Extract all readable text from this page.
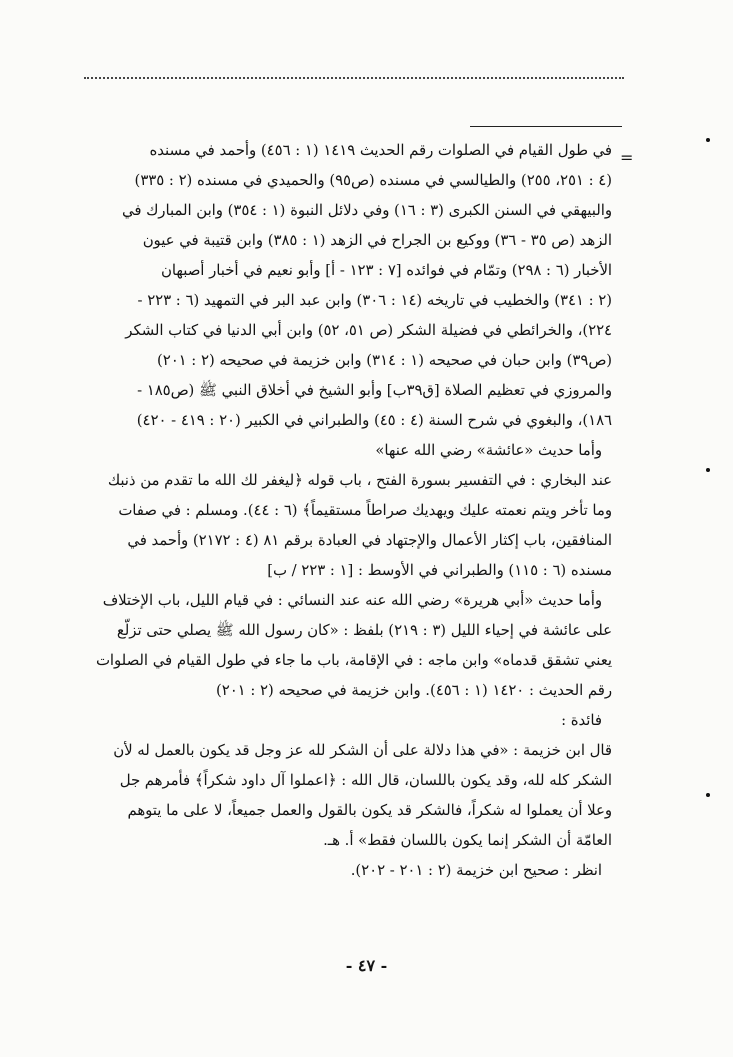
=
في طول القيام في الصلوات رقم الحديث ١٤١٩ (١ : ٤٥٦) وأحمد في مسنده
(٤ : ٢٥١، ٢٥٥) والطيالسي في مسنده (ص٩٥) والحميدي في مسنده (٢ : ٣٣٥)
والبيهقي في السنن الكبرى (٣ : ١٦) وفي دلائل النبوة (١ : ٣٥٤) وابن المبارك في
الزهد (ص ٣٥ - ٣٦) ووكيع بن الجراح في الزهد (١ : ٣٨٥) وابن قتيبة في عيون
الأخبار (٦ : ٢٩٨) وتمّام في فوائده [٧ : ١٢٣ - أ] وأبو نعيم في أخبار أصبهان
(٢ : ٣٤١) والخطيب في تاريخه (١٤ : ٣٠٦) وابن عبد البر في التمهيد (٦ : ٢٢٣ -
٢٢٤)، والخرائطي في فضيلة الشكر (ص ٥١، ٥٢) وابن أبي الدنيا في كتاب الشكر
(ص٣٩) وابن حبان في صحيحه (١ : ٣١٤) وابن خزيمة في صحيحه (٢ : ٢٠١)
والمروزي في تعظيم الصلاة [ق٣٩ب] وأبو الشيخ في أخلاق النبي ﷺ (ص١٨٥ -
١٨٦)، والبغوي في شرح السنة (٤ : ٤٥) والطبراني في الكبير (٢٠ : ٤١٩ - ٤٢٠)
وأما حديث «عائشة» رضي الله عنها»
عند البخاري : في التفسير بسورة الفتح ، باب قوله ﴿ليغفر لك الله ما تقدم من ذنبك
وما تأخر ويتم نعمته عليك ويهديك صراطاً مستقيماً﴾ (٦ : ٤٤). ومسلم : في صفات
المنافقين، باب إكثار الأعمال والإجتهاد في العبادة برقم ٨١ (٤ : ٢١٧٢) وأحمد في
مسنده (٦ : ١١٥) والطبراني في الأوسط : [١ : ٢٢٣ / ب]
وأما حديث «أبي هريرة» رضي الله عنه عند النسائي : في قيام الليل، باب الإختلاف
على عائشة في إحياء الليل (٣ : ٢١٩) بلفظ : «كان رسول الله ﷺ يصلي حتى تزلّع
يعني تشقق قدماه» وابن ماجه : في الإقامة، باب ما جاء في طول القيام في الصلوات
رقم الحديث : ١٤٢٠ (١ : ٤٥٦). وابن خزيمة في صحيحه (٢ : ٢٠١)
فائدة :
قال ابن خزيمة : «في هذا دلالة على أن الشكر لله عز وجل قد يكون بالعمل له لأن
الشكر كله لله، وقد يكون باللسان، قال الله : ﴿اعملوا آل داود شكراً﴾ فأمرهم جل
وعلا أن يعملوا له شكراً، فالشكر قد يكون بالقول والعمل جميعاً، لا على ما يتوهم
العامّة أن الشكر إنما يكون باللسان فقط» أ. هـ.
انظر : صحيح ابن خزيمة (٢ : ٢٠١ - ٢٠٢).
- ٤٧ -
